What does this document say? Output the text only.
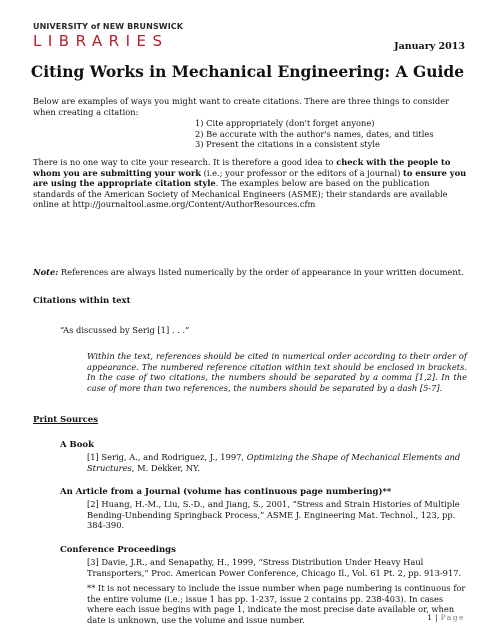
UNIVERSITY of NEW BRUNSWICK
LIBRARIES	January 2013
Citing Works in Mechanical Engineering: A Guide

Below are examples of ways you might want to create citations. There are three things to consider
when creating a citation:

1) Cite appropriately (don't forget anyone)
2) Be accurate with the author's names, dates, and titles
3) Present the citations in a consistent style

There is no one way to cite your research. It is therefore a good idea to check with the people to whom you are submitting your work (i.e.; your professor or the editors of a journal) to ensure you are using the appropriate citation style. The examples below are based on the publication standards of the American Society of Mechanical Engineers (ASME); their standards are available online at http://journaltool.asme.org/Content/AuthorResources.cfm

Note: References are always listed numerically by the order of appearance in your written document.
Citations within text
“As discussed by Serig [1] . . .”

Within the text, references should be cited in numerical order according to their order of appearance. The numbered reference citation within text should be enclosed in brackets. In the case of two citations, the numbers should be separated by a comma [1,2]. In the case of more than two references, the numbers should be separated by a dash [5-7].

Print Sources
A Book

[1] Serig, A., and Rodriguez, J., 1997, Optimizing the Shape of Mechanical Elements and Structures, M. Dekker, NY.

An Article from a Journal (volume has continuous page numbering)**

[2] Huang, H.-M., Liu, S.-D., and Jiang, S., 2001, “Stress and Strain Histories of Multiple Bending-Unbending Springback Process,” ASME J. Engineering Mat. Technol., 123, pp. 384-390.

Conference Proceedings

[3] Davie, J.R., and Senapathy, H., 1999, “Stress Distribution Under Heavy Haul Transporters,” Proc. American Power Conference, Chicago Il., Vol. 61 Pt. 2, pp. 913-917.

** It is not necessary to include the issue number when page numbering is continuous for the entire volume (i.e.; issue 1 has pp. 1-237, issue 2 contains pp. 238-403). In cases where each issue begins with page 1, indicate the most precise date available or, when date is unknown, use the volume and issue number.	1 | Page
